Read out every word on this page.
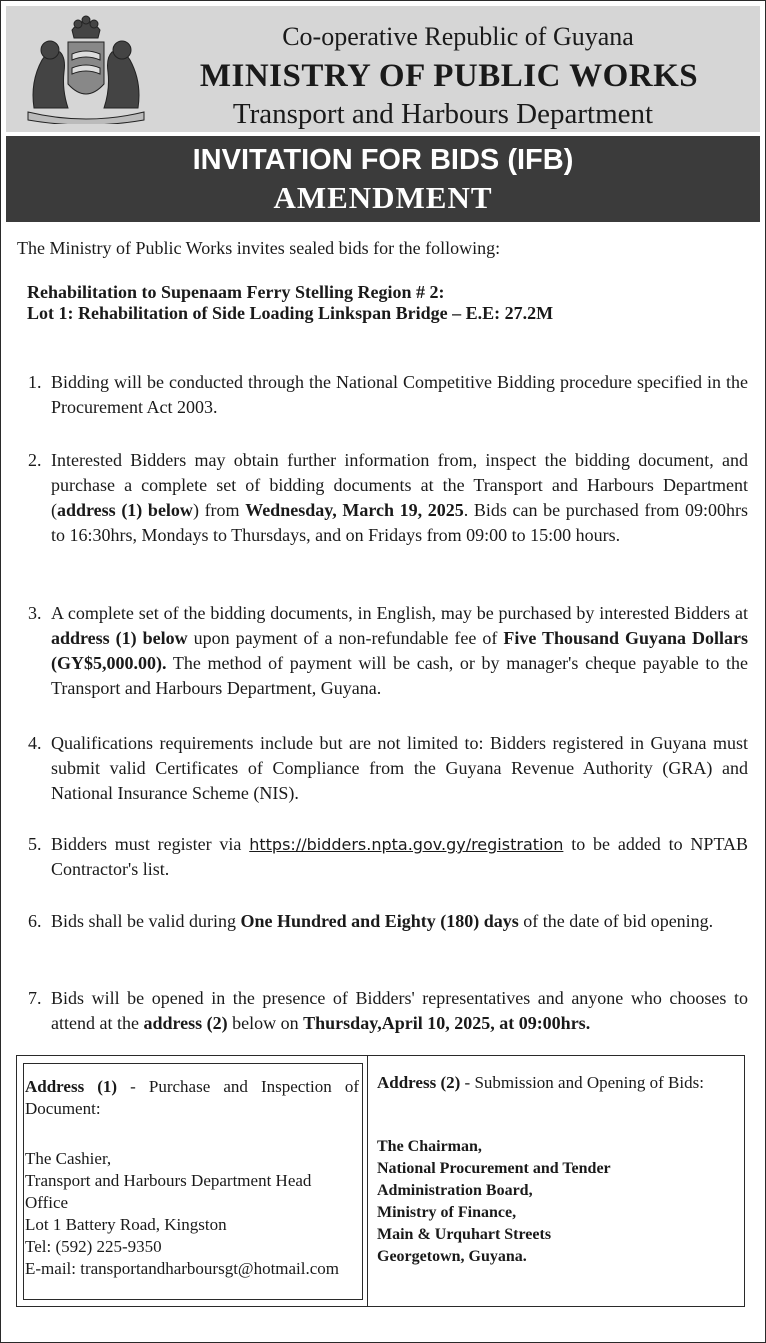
Co-operative Republic of Guyana
MINISTRY OF PUBLIC WORKS
Transport and Harbours Department
INVITATION FOR BIDS (IFB)
AMENDMENT
The Ministry of Public Works invites sealed bids for the following:
Rehabilitation to Supenaam Ferry Stelling Region # 2:
Lot 1: Rehabilitation of Side Loading Linkspan Bridge – E.E: 27.2M
1. Bidding will be conducted through the National Competitive Bidding procedure specified in the Procurement Act 2003.
2. Interested Bidders may obtain further information from, inspect the bidding document, and purchase a complete set of bidding documents at the Transport and Harbours Department (address (1) below) from Wednesday, March 19, 2025. Bids can be purchased from 09:00hrs to 16:30hrs, Mondays to Thursdays, and on Fridays from 09:00 to 15:00 hours.
3. A complete set of the bidding documents, in English, may be purchased by interested Bidders at address (1) below upon payment of a non-refundable fee of Five Thousand Guyana Dollars (GY$5,000.00). The method of payment will be cash, or by manager's cheque payable to the Transport and Harbours Department, Guyana.
4. Qualifications requirements include but are not limited to: Bidders registered in Guyana must submit valid Certificates of Compliance from the Guyana Revenue Authority (GRA) and National Insurance Scheme (NIS).
5. Bidders must register via https://bidders.npta.gov.gy/registration to be added to NPTAB Contractor's list.
6. Bids shall be valid during One Hundred and Eighty (180) days of the date of bid opening.
7. Bids will be opened in the presence of Bidders' representatives and anyone who chooses to attend at the address (2) below on Thursday,April 10, 2025, at 09:00hrs.
Address (1) - Purchase and Inspection of Document:
The Cashier,
Transport and Harbours Department Head
Office
Lot 1 Battery Road, Kingston
Tel: (592) 225-9350
E-mail: transportandharboursgt@hotmail.com
Address (2) - Submission and Opening of Bids:
The Chairman,
National Procurement and Tender
Administration Board,
Ministry of Finance,
Main & Urquhart Streets
Georgetown, Guyana.
